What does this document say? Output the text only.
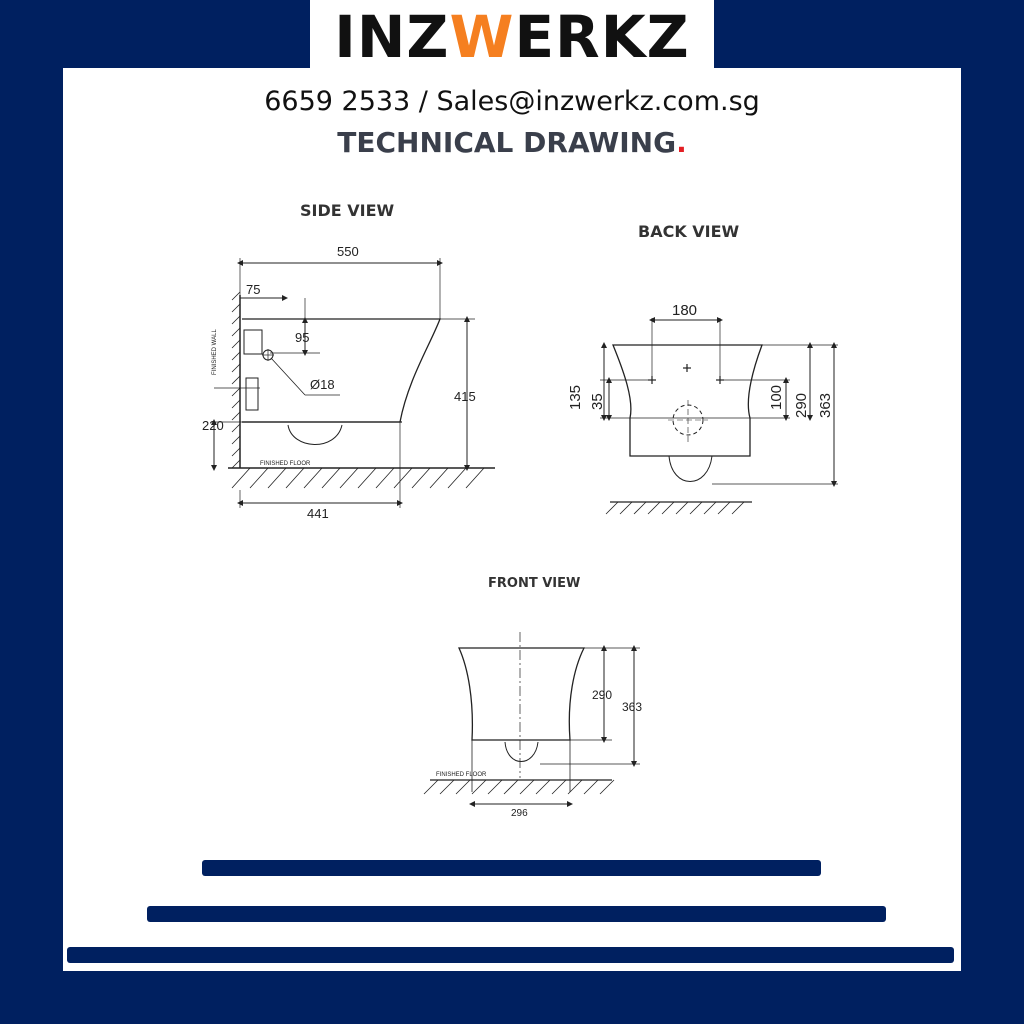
INZWERKZ
6659 2533 / Sales@inzwerkz.com.sg
TECHNICAL DRAWING.
SIDE VIEW
BACK VIEW
FRONT VIEW
550
75
95
Ø18
415
220
441
FINISHED FLOOR
FINISHED WALL
180
135 35	100 290 363
290
363
296
FINISHED FLOOR
